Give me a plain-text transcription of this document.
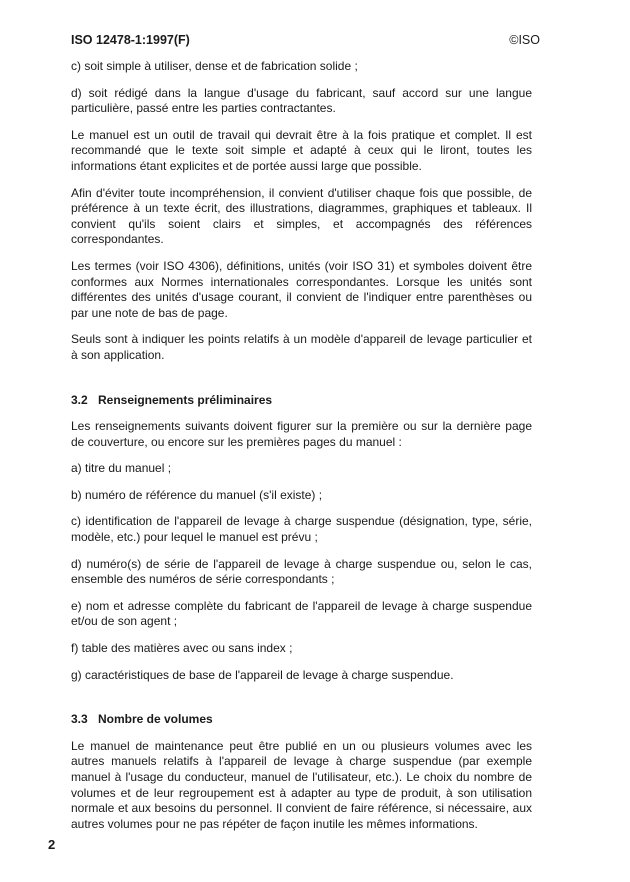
ISO 12478-1:1997(F)	©ISO

c) soit simple à utiliser, dense et de fabrication solide ;

d) soit rédigé dans la langue d'usage du fabricant, sauf accord sur une langue particulière, passé entre les parties contractantes.

Le manuel est un outil de travail qui devrait être à la fois pratique et complet. Il est recommandé que le texte soit simple et adapté à ceux qui le liront, toutes les informations étant explicites et de portée aussi large que possible.

Afin d'éviter toute incompréhension, il convient d'utiliser chaque fois que possible, de préférence à un texte écrit, des illustrations, diagrammes, graphiques et tableaux. Il convient qu'ils soient clairs et simples, et accompagnés des références correspondantes.

Les termes (voir ISO 4306), définitions, unités (voir ISO 31) et symboles doivent être conformes aux Normes internationales correspondantes. Lorsque les unités sont différentes des unités d'usage courant, il convient de l'indiquer entre parenthèses ou par une note de bas de page.

Seuls sont à indiquer les points relatifs à un modèle d'appareil de levage particulier et à son application.

3.2 Renseignements préliminaires

Les renseignements suivants doivent figurer sur la première ou sur la dernière page de couverture, ou encore sur les premières pages du manuel :

a) titre du manuel ;

b) numéro de référence du manuel (s'il existe) ;

c) identification de l'appareil de levage à charge suspendue (désignation, type, série, modèle, etc.) pour lequel le manuel est prévu ;

d) numéro(s) de série de l'appareil de levage à charge suspendue ou, selon le cas, ensemble des numéros de série correspondants ;

e) nom et adresse complète du fabricant de l'appareil de levage à charge suspendue et/ou de son agent ;

f) table des matières avec ou sans index ;

g) caractéristiques de base de l'appareil de levage à charge suspendue.

3.3 Nombre de volumes

Le manuel de maintenance peut être publié en un ou plusieurs volumes avec les autres manuels relatifs à l'appareil de levage à charge suspendue (par exemple manuel à l'usage du conducteur, manuel de l'utilisateur, etc.). Le choix du nombre de volumes et de leur regroupement est à adapter au type de produit, à son utilisation normale et aux besoins du personnel. Il convient de faire référence, si nécessaire, aux autres volumes pour ne pas répéter de façon inutile les mêmes informations.

2
